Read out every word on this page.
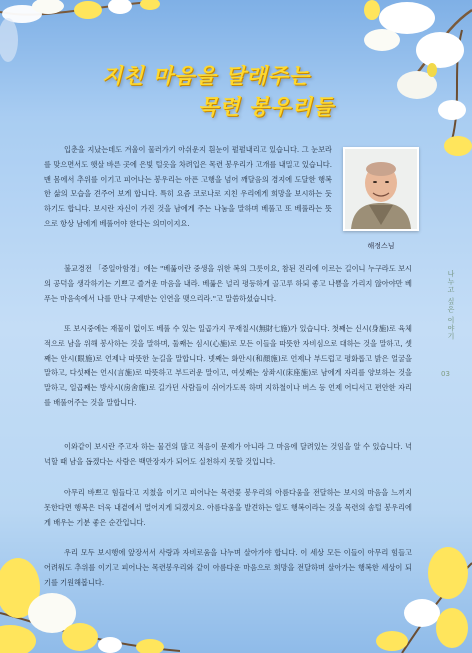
지친 마음을 달래주는
목련 봉우리들
해정스님
입춘을 지났는데도 겨울이 물러가기 아쉬운지 흰눈이 펄펄내리고 있습니다. 그 눈보라를 맞으면서도 햇살 바른 곳에 은빛 털옷을 차려입은 목련 봉우리가 고개를 내밀고 있습니다. 맨 몸에서 추위를 이기고 피어나는 봉우리는 아픈 고행을 넘어 깨달음의 경지에 도달한 행복한 삶의 모습을 견주어 보게 합니다. 특히 요즘 코로나로 지친 우리에게 희망을 보시하는 듯 하기도 합니다. 보시란 자신이 가진 것을 남에게 주는 나눔을 말하며 베풀고 또 베풀라는 뜻으로 항상 남에게 베풀어야 한다는 의미이지요.
불교경전 「증일아함경」에는 "베풂이란 중생을 위한 복의 그릇이요, 참된 진리에 이르는 길이니 누구라도 보시의 공덕을 생각하기는 기쁘고 즐거운 마음을 내라. 베풂은 널리 평등하게 골고루 하되 좋고 나쁨을 가리지 않아야만 베푸는 마음속에서 나를 만나 구제받는 인연을 맺으리라."고 말씀하셨습니다.
또 보시중에는 재물이 없이도 베풀 수 있는 일곱가지 무재칠시(無財七施)가 있습니다. 첫째는 신시(身施)로 육체적으로 남을 위해 봉사하는 것을 말하며, 둘째는 심시(心施)로 모든 이들을 따뜻한 자비심으로 대하는 것을 말하고, 셋째는 안시(眼施)로 언제나 따뜻한 눈길을 말합니다. 넷째는 화안시(和顔施)로 언제나 부드럽고 평화롭고 밝은 얼굴을 말하고, 다섯째는 언시(言施)로 따뜻하고 부드러운 말이고, 여섯째는 상좌시(床座施)로 남에게 자리를 양보하는 것을 말하고, 일곱째는 방사시(房舍施)로 길가던 사람들이 쉬어가도록 하며 지하철이나 버스 등 언제 어디서고 편안한 자리를 배풀어주는 것을 말합니다.
이와같이 보시란 주고자 하는 물건의 많고 적음이 문제가 아니라 그 마음에 달려있는 것임을 알 수 있습니다. 넉넉할 때 남을 돕겠다는 사람은 백만장자가 되어도 실천하지 못할 것입니다.
아무리 바쁘고 힘들다고 지쳤을 이기고 피어나는 목련꽃 봉우리의 아름다움을 전달하는 보시의 마음을 느끼지 못한다면 행복은 더욱 내곁에서 멀어지게 되겠지요. 아름다움을 발견하는 일도 행복이라는 것을 목련의 솜털 봉우리에게 배우는 기분 좋은 순간입니다.
우리 모두 보시행에 앞장서서 사랑과 자비로움을 나누며 살아가야 합니다. 이 세상 모든 이들이 아무리 힘들고 어려워도 추위를 이기고 피어나는 목련봉우리와 같이 아름다운 마음으로 희망을 전달하며 살아가는 행복한 세상이 되기를 기원해봅니다.
나누고 싶은 이야기
03
